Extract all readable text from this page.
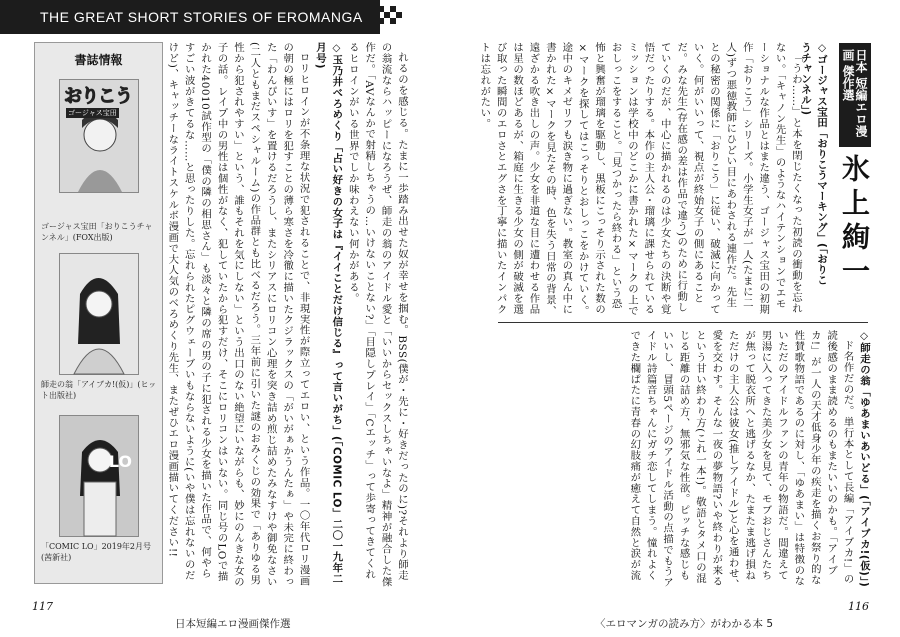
THE GREAT SHORT STORIES OF EROMANGA
書誌情報
おりこう
ゴージャス宝田
ゴージャス宝田「おりこうチャンネル」(FOX出版)
師走の翁「アイブカ!(仮)」(ヒット出版社)
LO
「COMIC LO」2019年2月号(茜新社)	れるのを感じる。たまに一歩踏み出せた奴が幸せを掴む。BSS(僕が・先に・好きだったのに)?それより師走の翁流ならハッピーになろうぜ、師走の翁のアイドル愛と「いいからセックスしちゃいなよ」精神が融合した傑作だ。「AVなんかで射精しちゃうの…いけないことない?」「目隠しプレイ」「Cエッチ」って歩寄ってきてくれるヒロインがいる世界でしか味わえない何かがある。

◇玉乃井べろめくり「占い好きの女子は『イイことだけ信じる』って言いがち」(「COMIC LO」二〇一九年二月号)

ロリヒロインが不条理な状況で犯されることで、非現実性が際立ってエロい、という作品。一〇年代ロリ漫画の朝の極にはロリを犯すことの薄ら寒さを冷徹に描いたクジラックスの「がいがぁかうんたぁ」や未完に終わった「わんぴいす」を置けるだろうし、またシリアスにロリコン心理を突き詰め煎じ詰めたみなすけや御免なさい(二人ともまだスペシャルーム)の作品群とも比べるだろう。三年前に引いた謎のおみくじの効果で「ありゆる男性から犯されやすい」という、誰もそれを気にしない」という出口のない絶望にいながらも、妙にのんきな女の子の話。レイプ中の男性は個性がなく、犯していたから犯すだけ、そこにロリコンはいない。同じ号のLOで描かれた40010試作型の「僕の隣の相思さん」も淡々と隣の席の男の子に犯される少女を描いた作品で、何やらすごい波がきてるな……と思ったりした。忘れられたピグウェーブいもならないように(いや僕は忘れないのだけど)、キャッチーなライトスケルボ漫画で大人気のべろめくり先生、またぜひエロ漫画描いてください!!

117
日本短編エロ漫画傑作選
日本 短編エロ漫画 傑作選
◇ゴージャス宝田「おりこうマーキング」(「おりこうチャンネル」)
氷上絢一

「うわ……」と本を閉じたくなった初読の衝動を忘れない。「キャノン先生」のようなハイテンションでエモーショナルな作品とはまた違う、ゴージャス宝田の初期作「おりこう」シリーズ。小学生女子が一人(たまに二人)ずつ悪徳教師にひどい目にあわされる連作だ。先生との秘密の関係に「おりこう」に従い、破滅に向かっていく。何がいいって、視点が終始女子の側にあることだ。みな先生(存在感の差は作品で違う)のために行動していくのだが、中心に描かれるのは少女たちの決断や覚悟だったりする。本作の主人公・瑠璃に課せられているミッションは学校中のどこかに書かれた×マークの上でおしっこをすること。「見つかったら終わる」という恐怖と興奮が瑠璃を駆動し、黒板にこっそり示された数の×マークを探してはこっそりとおしっこをかけていく。途中のキメゼリフも涙き物に過ぎない。教室の真ん中に書かれた×マークを見たその時、色を失う日常の背景、遠ざかる吹き出しの声。少女を非道な目に遭わせる作品は星の数ほどあるが、箱庭に生きる少女の側が破滅を選び取った瞬間のエロさとエグさを丁寧に描いたインパクトは忘れがたい。

◇師走の翁「ゆあまいあいどる」(「アイブカ!(仮)」)

ド名作だのだ。単行本として長編「アイブカ!」の読後感のまま読めるのもまたいいのかも。「アイブカ!」が一人の天才低身少年の疾走を描くお祭り的な性賛歌物語であるのに対し、「ゆあまい」は特徴のないただのアイドルファンの青年の物語だ。間違えて男湯に入ってきた美少女を見て、モブおじさんたちが焦って脱衣所へと逃げるなか、たまたま逃げ損ねただけの主人公は彼女(推しアイドル)と心を通わせ、愛を交わす。そんな一夜の夢物語?いや終わりが来るという甘い終わり方(これ一本!)。敬語とタメ口の混じる距離の詰め方、無邪気な性欲。ピッチな感じもいいし、冒頭5ページのアイドル活動の点描でもうアイドル詩篇音ちゃんにガチ恋してしまう。憧れよくできた欄ぱたに青春の幻肢痛が癒えて自然と涙が流

116
〈エロマンガの読み方〉がわかる本 5
